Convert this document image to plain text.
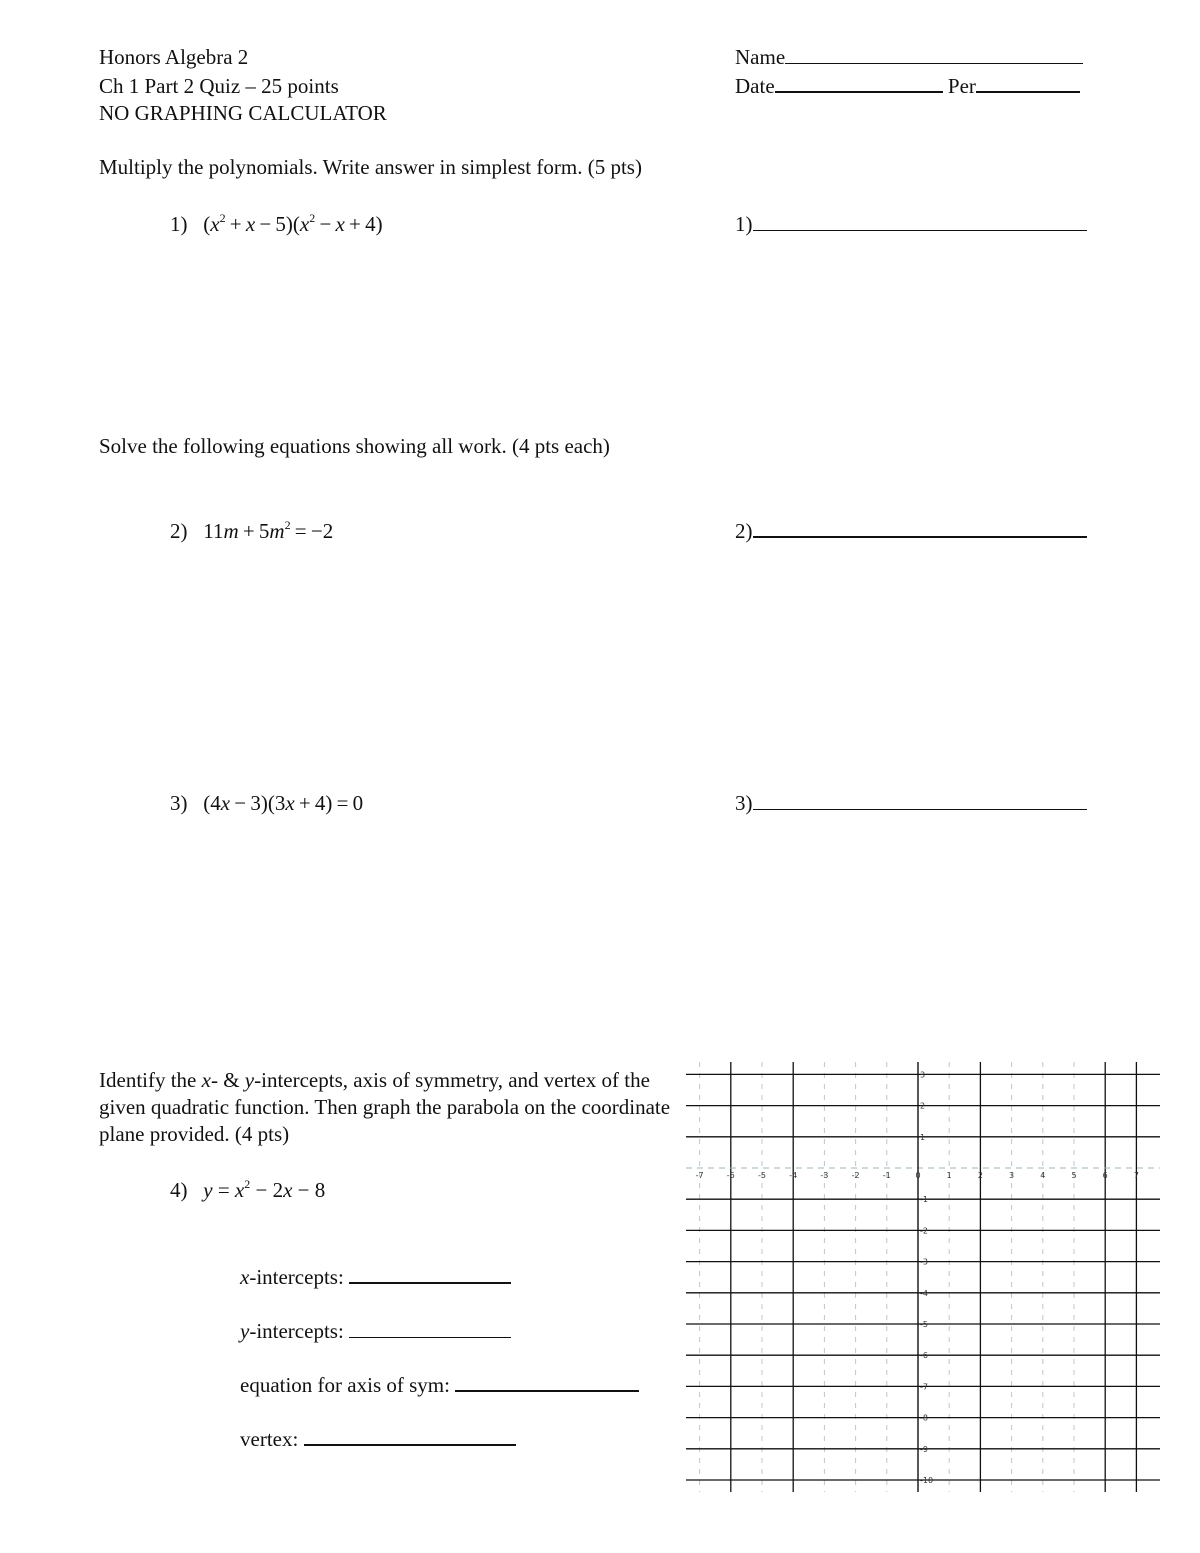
Honors Algebra 2
Ch 1 Part 2 Quiz – 25 points
NO GRAPHING CALCULATOR
Name
Date	Per
Multiply the polynomials. Write answer in simplest form. (5 pts)
1) $(x^2 + x - 5)(x^2 - x + 4)$	1)
Solve the following equations showing all work. (4 pts each)
2) $11m + 5m^2 = -2$	2)
3) (4x − 3)(3x + 4) = 0	3)
Identify the x- & y-intercepts, axis of symmetry, and vertex of the given quadratic function. Then graph the parabola on the coordinate plane provided. (4 pts)
4) $y = x^2 - 2x - 8$
x-intercepts:
y-intercepts:
equation for axis of sym:
vertex:
-7	-6	-5	-4	-3	-2	-1	0	1	2	3	4	5	6	7
3
2
1
-1
-2
-3
-4
-5
-6
-7
-8
-9
-10
